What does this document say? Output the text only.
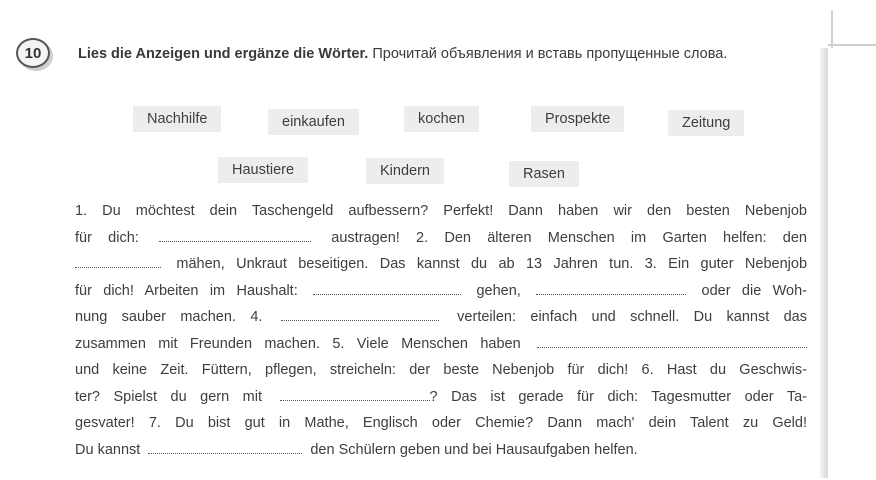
10	Lies die Anzeigen und ergänze die Wörter. Прочитай объявления и вставь пропущенные слова.
Nachhilfe	einkaufen	kochen	Prospekte	Zeitung
Haustiere	Kindern	Rasen
1. Du möchtest dein Taschengeld aufbessern? Perfekt! Dann haben wir den besten Nebenjob
für dich:	austragen! 2. Den älteren Menschen im Garten helfen: den
mähen, Unkraut beseitigen. Das kannst du ab 13 Jahren tun. 3. Ein guter Nebenjob
für dich! Arbeiten im Haushalt:	gehen,	oder die Woh-
nung sauber machen. 4.	verteilen: einfach und schnell. Du kannst das
zusammen mit Freunden machen. 5. Viele Menschen haben
und keine Zeit. Füttern, pflegen, streicheln: der beste Nebenjob für dich! 6. Hast du Geschwis-
ter? Spielst du gern mit	? Das ist gerade für dich: Tagesmutter oder Ta-
gesvater! 7. Du bist gut in Mathe, Englisch oder Chemie? Dann mach' dein Talent zu Geld!
Du kannst	den Schülern geben und bei Hausaufgaben helfen.
